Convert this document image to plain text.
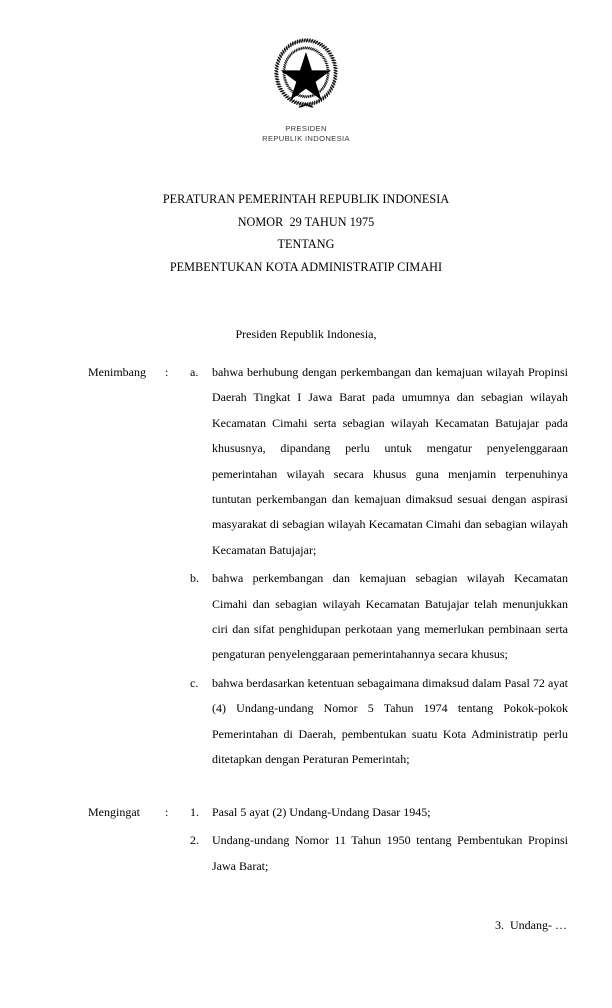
PRESIDEN
REPUBLIK INDONESIA
PERATURAN PEMERINTAH REPUBLIK INDONESIA
NOMOR  29 TAHUN 1975
TENTANG
PEMBENTUKAN KOTA ADMINISTRATIP CIMAHI
Presiden Republik Indonesia,
Menimbang	:	a.	bahwa berhubung dengan perkembangan dan kemajuan wilayah Propinsi Daerah Tingkat I Jawa Barat pada umumnya dan sebagian wilayah Kecamatan Cimahi serta sebagian wilayah Kecamatan Batujajar pada khususnya, dipandang perlu untuk mengatur penyelenggaraan pemerintahan wilayah secara khusus guna menjamin terpenuhinya tuntutan perkembangan dan kemajuan dimaksud sesuai dengan aspirasi masyarakat di sebagian wilayah Kecamatan Cimahi dan sebagian wilayah Kecamatan Batujajar;
b.	bahwa perkembangan dan kemajuan sebagian wilayah Kecamatan Cimahi dan sebagian wilayah Kecamatan Batujajar telah menunjukkan ciri dan sifat penghidupan perkotaan yang memerlukan pembinaan serta pengaturan penyelenggaraan pemerintahannya secara khusus;
c.	bahwa berdasarkan ketentuan sebagaimana dimaksud dalam Pasal 72 ayat (4) Undang-undang Nomor 5 Tahun 1974 tentang Pokok-pokok Pemerintahan di Daerah, pembentukan suatu Kota Administratip perlu ditetapkan dengan Peraturan Pemerintah;
Mengingat	:	1.	Pasal 5 ayat (2) Undang-Undang Dasar 1945;
2.	Undang-undang Nomor 11 Tahun 1950 tentang Pembentukan Propinsi Jawa Barat;
3.  Undang- …
